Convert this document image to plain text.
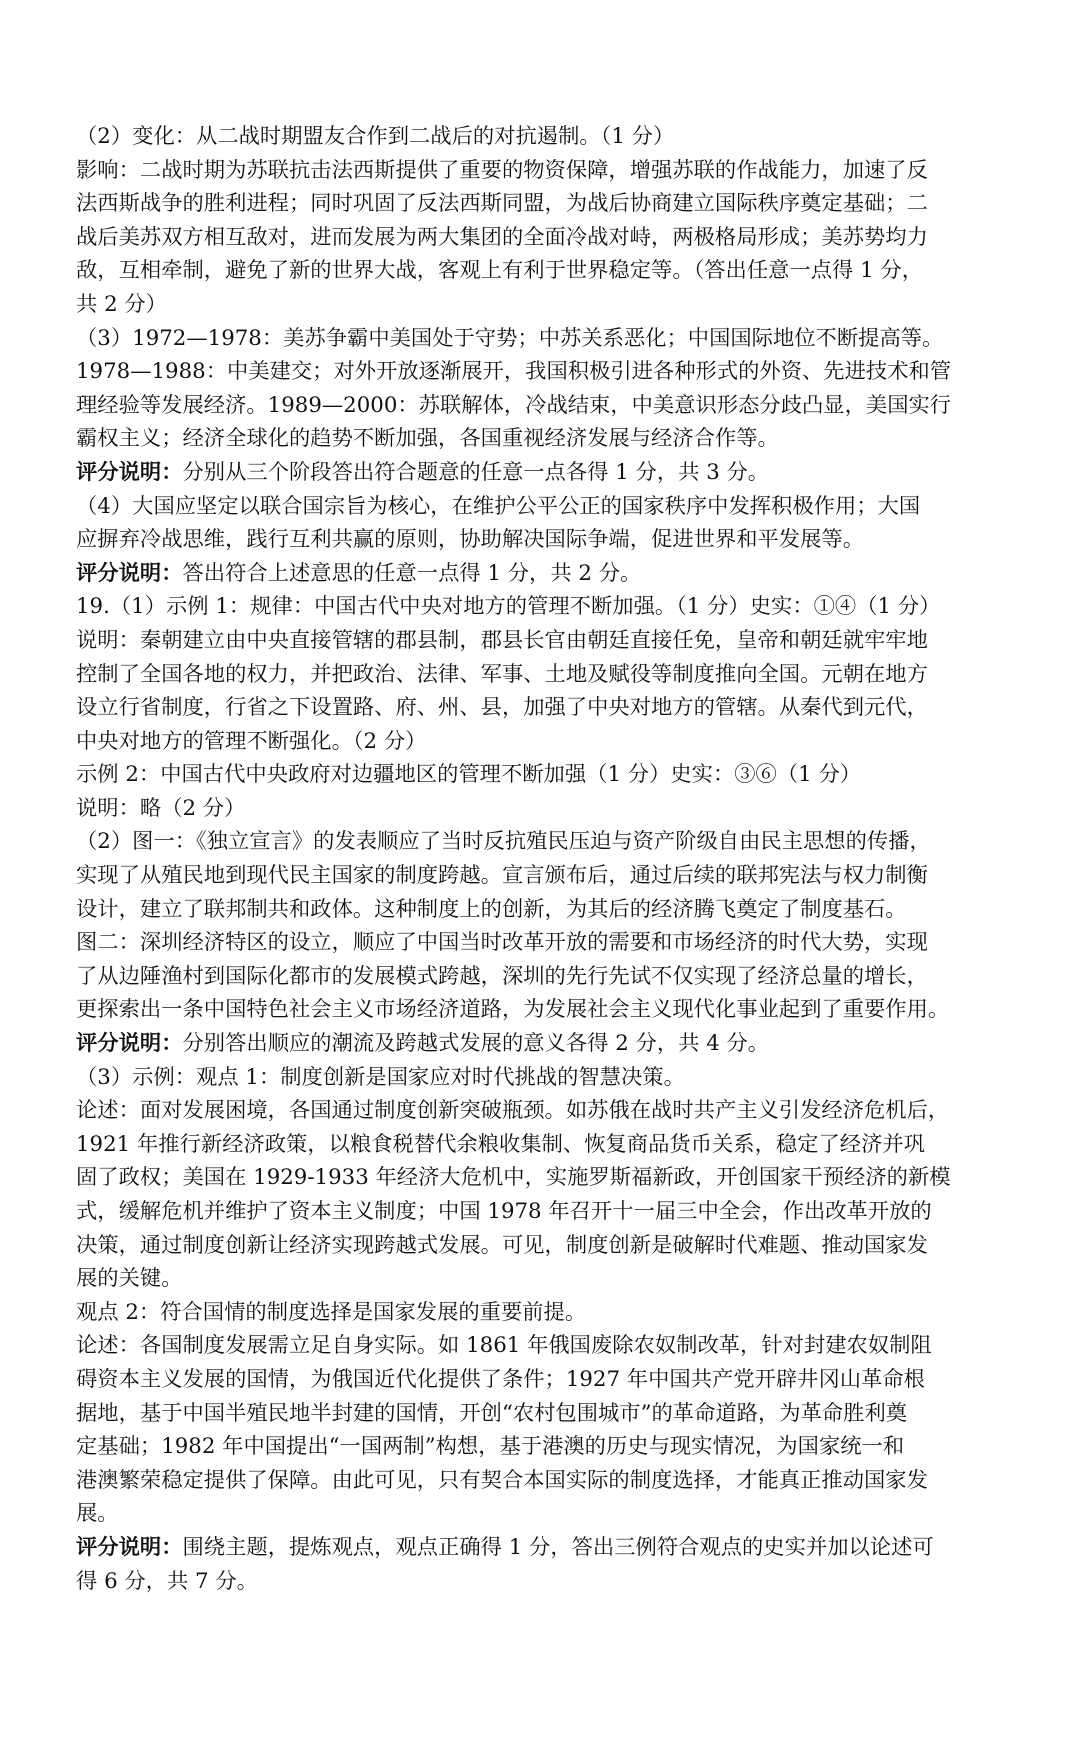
（2）变化：从二战时期盟友合作到二战后的对抗遏制。（1 分）
影响：二战时期为苏联抗击法西斯提供了重要的物资保障，增强苏联的作战能力，加速了反
法西斯战争的胜利进程；同时巩固了反法西斯同盟，为战后协商建立国际秩序奠定基础；二
战后美苏双方相互敌对，进而发展为两大集团的全面冷战对峙，两极格局形成；美苏势均力
敌，互相牵制，避免了新的世界大战，客观上有利于世界稳定等。（答出任意一点得 1 分，
共 2 分）
（3）1972—1978：美苏争霸中美国处于守势；中苏关系恶化；中国国际地位不断提高等。
1978—1988：中美建交；对外开放逐渐展开，我国积极引进各种形式的外资、先进技术和管
理经验等发展经济。1989—2000：苏联解体，冷战结束，中美意识形态分歧凸显，美国实行
霸权主义；经济全球化的趋势不断加强，各国重视经济发展与经济合作等。
评分说明：分别从三个阶段答出符合题意的任意一点各得 1 分，共 3 分。
（4）大国应坚定以联合国宗旨为核心，在维护公平公正的国家秩序中发挥积极作用；大国
应摒弃冷战思维，践行互利共赢的原则，协助解决国际争端，促进世界和平发展等。
评分说明：答出符合上述意思的任意一点得 1 分，共 2 分。
19.（1）示例 1：规律：中国古代中央对地方的管理不断加强。（1 分）史实：①④（1 分）
说明：秦朝建立由中央直接管辖的郡县制，郡县长官由朝廷直接任免，皇帝和朝廷就牢牢地
控制了全国各地的权力，并把政治、法律、军事、土地及赋役等制度推向全国。元朝在地方
设立行省制度，行省之下设置路、府、州、县，加强了中央对地方的管辖。从秦代到元代，
中央对地方的管理不断强化。（2 分）
示例 2：中国古代中央政府对边疆地区的管理不断加强（1 分）史实：③⑥（1 分）
说明：略（2 分）
（2）图一：《独立宣言》的发表顺应了当时反抗殖民压迫与资产阶级自由民主思想的传播，
实现了从殖民地到现代民主国家的制度跨越。宣言颁布后，通过后续的联邦宪法与权力制衡
设计，建立了联邦制共和政体。这种制度上的创新，为其后的经济腾飞奠定了制度基石。
图二：深圳经济特区的设立，顺应了中国当时改革开放的需要和市场经济的时代大势，实现
了从边陲渔村到国际化都市的发展模式跨越，深圳的先行先试不仅实现了经济总量的增长，
更探索出一条中国特色社会主义市场经济道路，为发展社会主义现代化事业起到了重要作用。
评分说明：分别答出顺应的潮流及跨越式发展的意义各得 2 分，共 4 分。
（3）示例：观点 1：制度创新是国家应对时代挑战的智慧决策。
论述：面对发展困境，各国通过制度创新突破瓶颈。如苏俄在战时共产主义引发经济危机后，
1921 年推行新经济政策，以粮食税替代余粮收集制、恢复商品货币关系，稳定了经济并巩
固了政权；美国在 1929-1933 年经济大危机中，实施罗斯福新政，开创国家干预经济的新模
式，缓解危机并维护了资本主义制度；中国 1978 年召开十一届三中全会，作出改革开放的
决策，通过制度创新让经济实现跨越式发展。可见，制度创新是破解时代难题、推动国家发
展的关键。
观点 2：符合国情的制度选择是国家发展的重要前提。
论述：各国制度发展需立足自身实际。如 1861 年俄国废除农奴制改革，针对封建农奴制阻
碍资本主义发展的国情，为俄国近代化提供了条件；1927 年中国共产党开辟井冈山革命根
据地，基于中国半殖民地半封建的国情，开创“农村包围城市”的革命道路，为革命胜利奠
定基础；1982 年中国提出“一国两制”构想，基于港澳的历史与现实情况，为国家统一和
港澳繁荣稳定提供了保障。由此可见，只有契合本国实际的制度选择，才能真正推动国家发
展。
评分说明：围绕主题，提炼观点，观点正确得 1 分，答出三例符合观点的史实并加以论述可
得 6 分，共 7 分。
